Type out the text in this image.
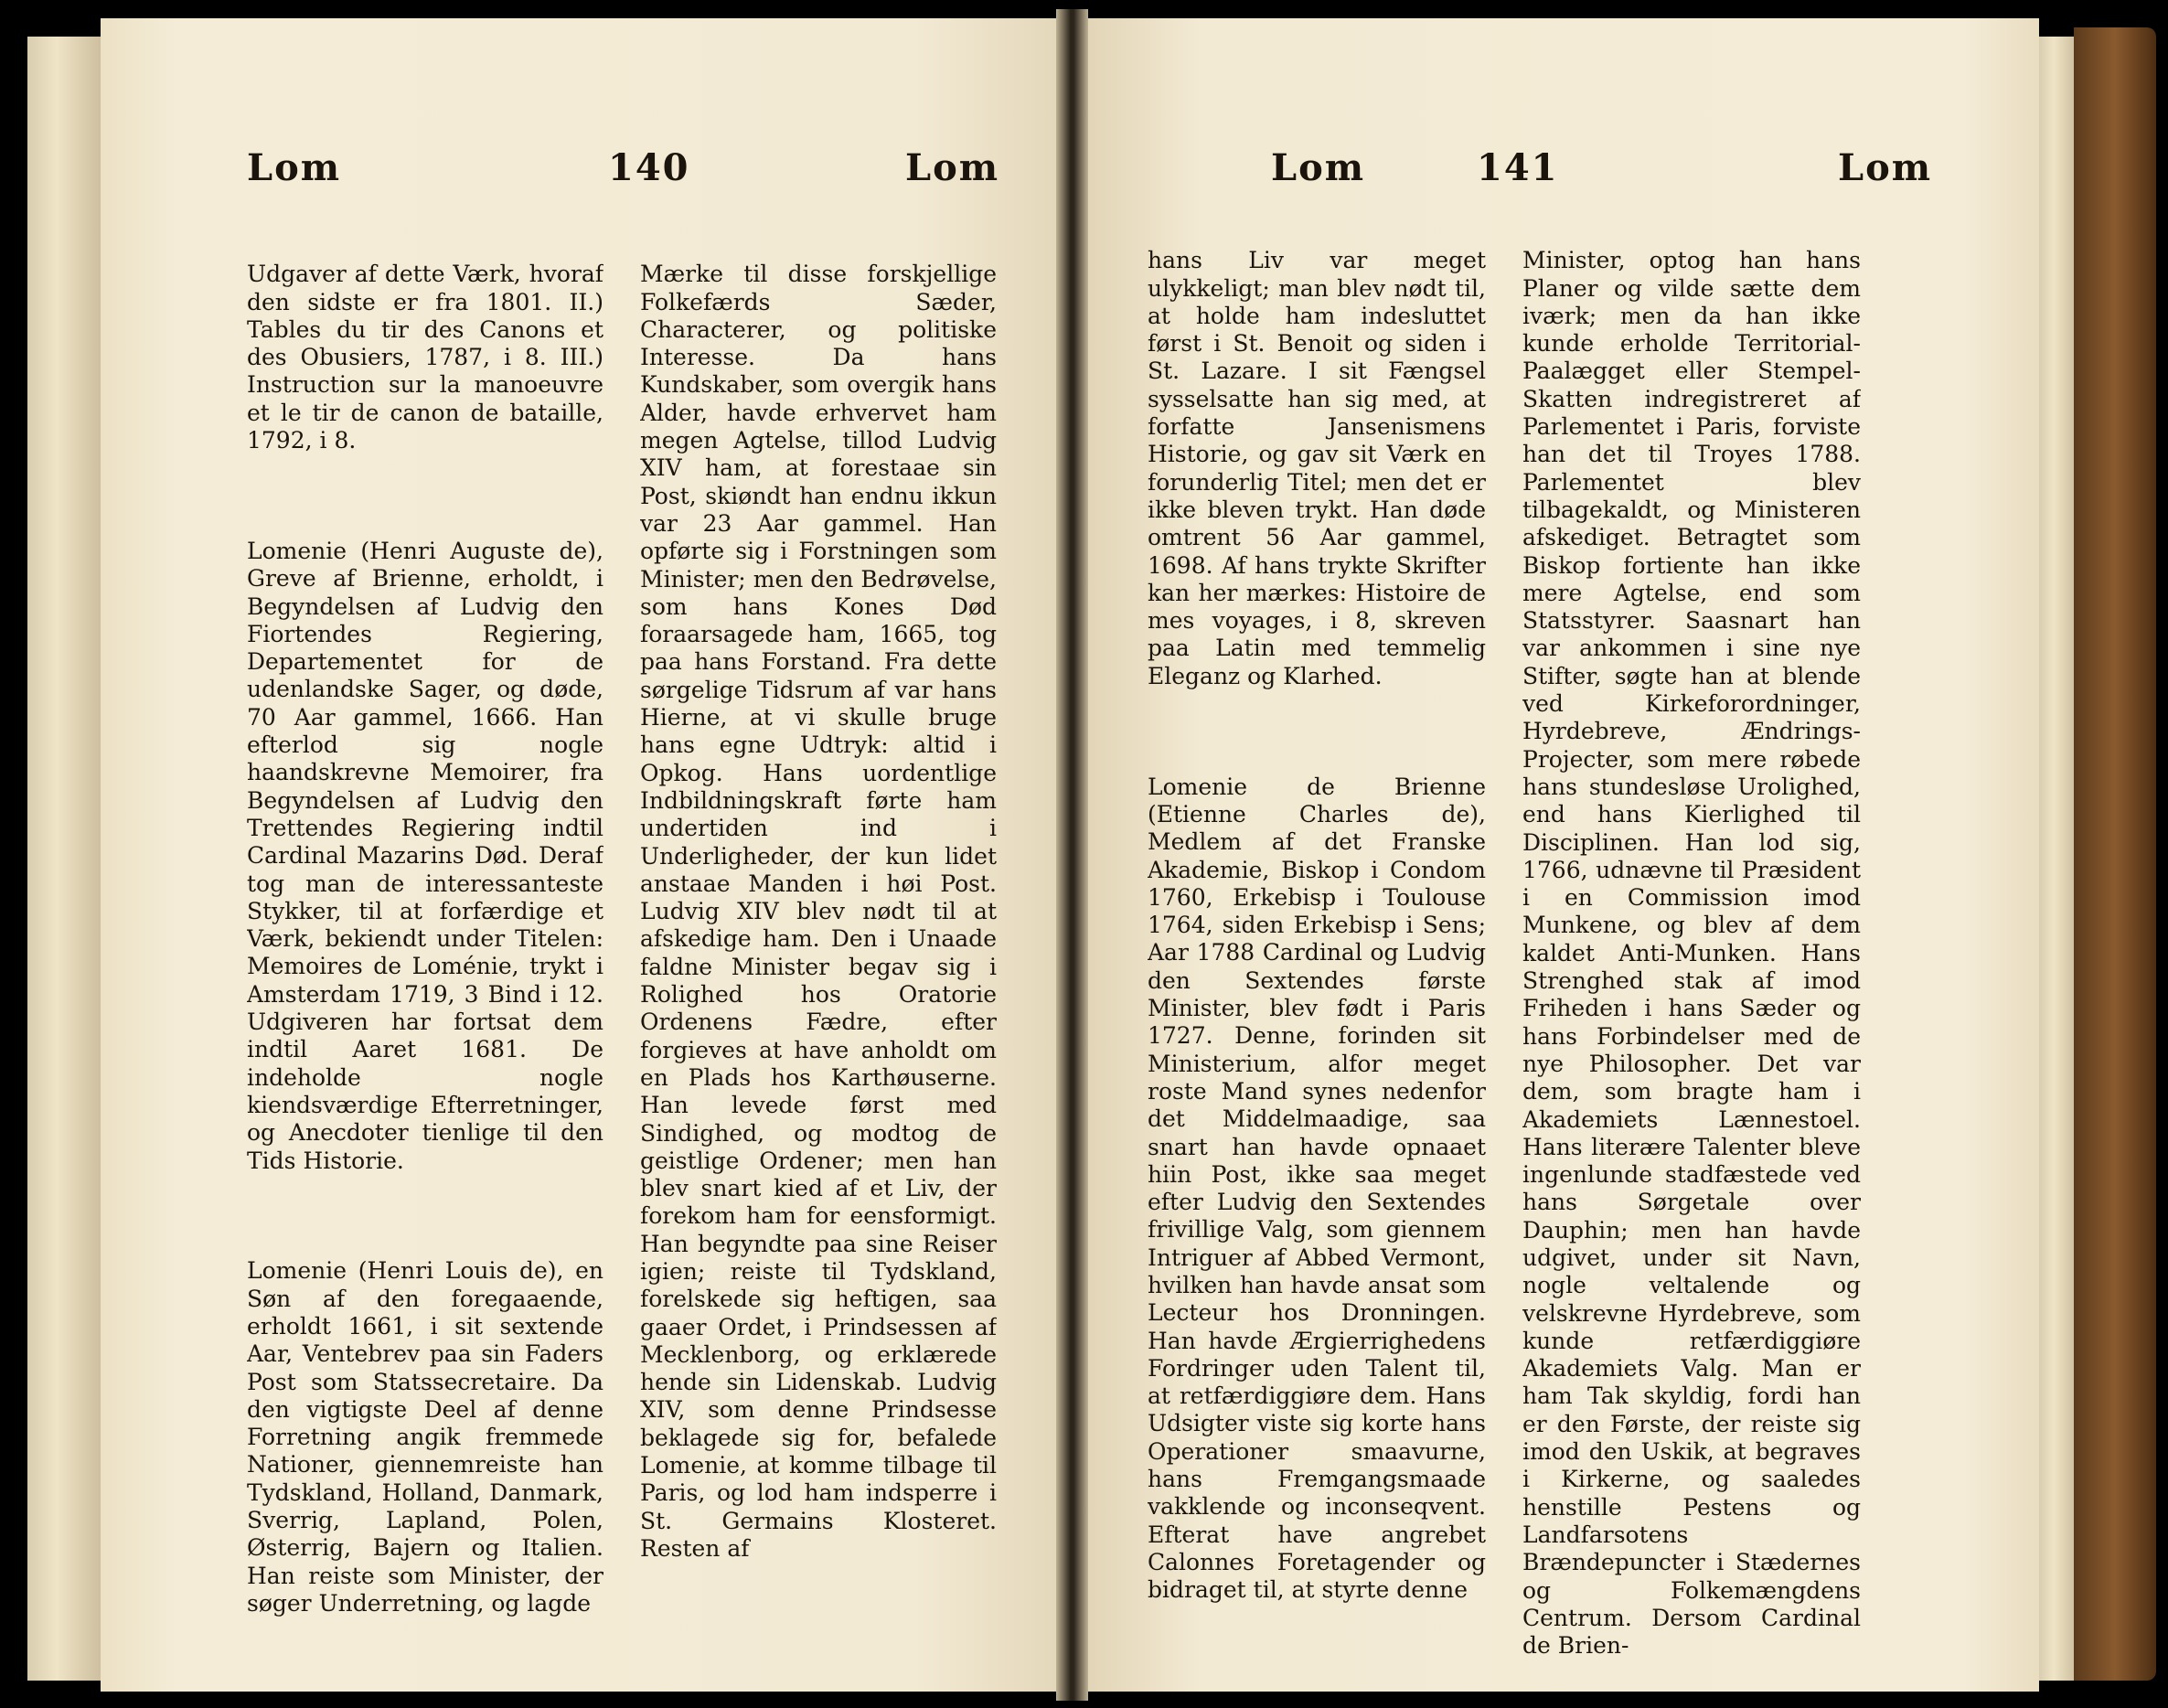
Lom	140	Lom

Udgaver af dette Værk, hvoraf den sidste er fra 1801. II.) Tables du tir des Canons et des Obusiers, 1787, i 8. III.) Instruction sur la manoeuvre et le tir de canon de bataille, 1792, i 8.

Lomenie (Henri Auguste de), Greve af Brienne, erholdt, i Begyndelsen af Ludvig den Fiortendes Regiering, Departementet for de udenlandske Sager, og døde, 70 Aar gammel, 1666. Han efterlod sig nogle haandskrevne Memoirer, fra Begyndelsen af Ludvig den Trettendes Regiering indtil Cardinal Mazarins Død. Deraf tog man de interessanteste Stykker, til at forfærdige et Værk, bekiendt under Titelen: Memoires de Loménie, trykt i Amsterdam 1719, 3 Bind i 12. Udgiveren har fortsat dem indtil Aaret 1681. De indeholde nogle kiendsværdige Efterretninger, og Anecdoter tienlige til den Tids Historie.

Lomenie (Henri Louis de), en Søn af den foregaaende, erholdt 1661, i sit sextende Aar, Ventebrev paa sin Faders Post som Statssecretaire. Da den vigtigste Deel af denne Forretning angik fremmede Nationer, giennemreiste han Tydskland, Holland, Danmark, Sverrig, Lapland, Polen, Østerrig, Bajern og Italien. Han reiste som Minister, der søger Underretning, og lagde

Mærke til disse forskjellige Folkefærds Sæder, Characterer, og politiske Interesse. Da hans Kundskaber, som overgik hans Alder, havde erhvervet ham megen Agtelse, tillod Ludvig XIV ham, at forestaae sin Post, skiøndt han endnu ikkun var 23 Aar gammel. Han opførte sig i Forstningen som Minister; men den Bedrøvelse, som hans Kones Død foraarsagede ham, 1665, tog paa hans Forstand. Fra dette sørgelige Tidsrum af var hans Hierne, at vi skulle bruge hans egne Udtryk: altid i Opkog. Hans uordentlige Indbildningskraft førte ham undertiden ind i Underligheder, der kun lidet anstaae Manden i høi Post. Ludvig XIV blev nødt til at afskedige ham. Den i Unaade faldne Minister begav sig i Rolighed hos Oratorie Ordenens Fædre, efter forgieves at have anholdt om en Plads hos Karthøuserne. Han levede først med Sindighed, og modtog de geistlige Ordener; men han blev snart kied af et Liv, der forekom ham for eensformigt. Han begyndte paa sine Reiser igien; reiste til Tydskland, forelskede sig heftigen, saa gaaer Ordet, i Prindsessen af Mecklenborg, og erklærede hende sin Lidenskab. Ludvig XIV, som denne Prindsesse beklagede sig for, befalede Lomenie, at komme tilbage til Paris, og lod ham indsperre i St. Germains Klosteret. Resten af

Lom	141	Lom

hans Liv var meget ulykkeligt; man blev nødt til, at holde ham indesluttet først i St. Benoit og siden i St. Lazare. I sit Fængsel sysselsatte han sig med, at forfatte Jansenismens Historie, og gav sit Værk en forunderlig Titel; men det er ikke bleven trykt. Han døde omtrent 56 Aar gammel, 1698. Af hans trykte Skrifter kan her mærkes: Histoire de mes voyages, i 8, skreven paa Latin med temmelig Eleganz og Klarhed.

Lomenie de Brienne (Etienne Charles de), Medlem af det Franske Akademie, Biskop i Condom 1760, Erkebisp i Toulouse 1764, siden Erkebisp i Sens; Aar 1788 Cardinal og Ludvig den Sextendes første Minister, blev født i Paris 1727. Denne, forinden sit Ministerium, alfor meget roste Mand synes nedenfor det Middelmaadige, saa snart han havde opnaaet hiin Post, ikke saa meget efter Ludvig den Sextendes frivillige Valg, som giennem Intriguer af Abbed Vermont, hvilken han havde ansat som Lecteur hos Dronningen. Han havde Ærgierrighedens Fordringer uden Talent til, at retfærdiggiøre dem. Hans Udsigter viste sig korte hans Operationer smaavurne, hans Fremgangsmaade vakklende og inconseqvent. Efterat have angrebet Calonnes Foretagender og bidraget til, at styrte denne

Minister, optog han hans Planer og vilde sætte dem iværk; men da han ikke kunde erholde Territorial-Paalægget eller Stempel-Skatten indregistreret af Parlementet i Paris, forviste han det til Troyes 1788. Parlementet blev tilbagekaldt, og Ministeren afskediget. Betragtet som Biskop fortiente han ikke mere Agtelse, end som Statsstyrer. Saasnart han var ankommen i sine nye Stifter, søgte han at blende ved Kirkeforordninger, Hyrdebreve, Ændrings-Projecter, som mere røbede hans stundesløse Urolighed, end hans Kierlighed til Disciplinen. Han lod sig, 1766, udnævne til Præsident i en Commission imod Munkene, og blev af dem kaldet Anti-Munken. Hans Strenghed stak af imod Friheden i hans Sæder og hans Forbindelser med de nye Philosopher. Det var dem, som bragte ham i Akademiets Lænnestoel. Hans literære Talenter bleve ingenlunde stadfæstede ved hans Sørgetale over Dauphin; men han havde udgivet, under sit Navn, nogle veltalende og velskrevne Hyrdebreve, som kunde retfærdiggiøre Akademiets Valg. Man er ham Tak skyldig, fordi han er den Første, der reiste sig imod den Uskik, at begraves i Kirkerne, og saaledes henstille Pestens og Landfarsotens Brændepuncter i Stædernes og Folkemængdens Centrum. Dersom Cardinal de Brien-
